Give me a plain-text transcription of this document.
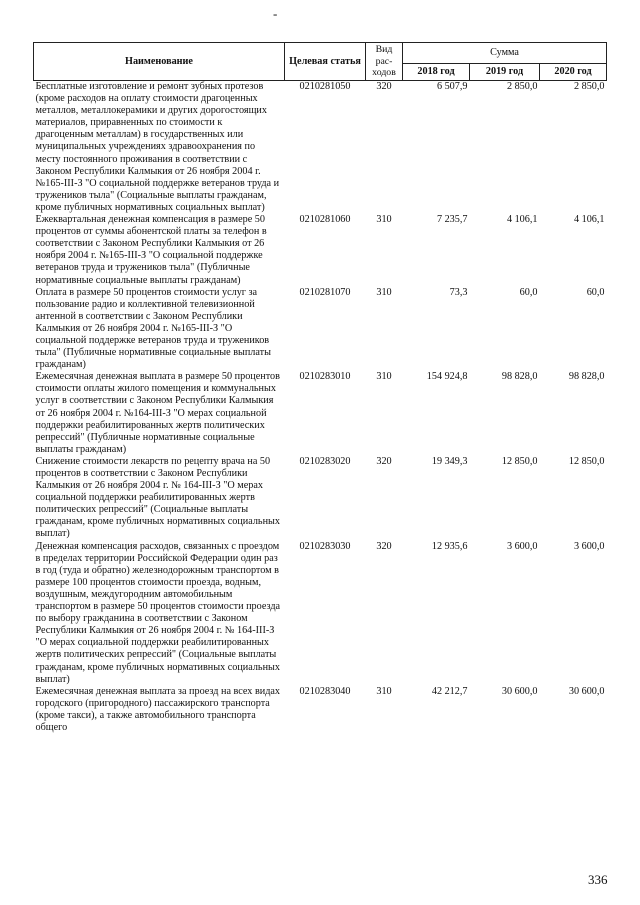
-
Наименование	Целевая статья	Вид рас-ходов	Сумма		
			2018 год	2019 год	2020 год
Бесплатные изготовление и ремонт зубных протезов (кроме расходов на оплату стоимости драгоценных металлов, металлокерамики и других дорогостоящих материалов, приравненных по стоимости к драгоценным металлам) в государственных или муниципальных учреждениях здравоохранения по месту постоянного проживания в соответствии с Законом Республики Калмыкия от 26 ноября 2004 г. №165-III-З "О социальной поддержке ветеранов труда и тружеников тыла" (Социальные выплаты гражданам, кроме публичных нормативных социальных выплат)	0210281050	320	6 507,9	2 850,0	2 850,0
Ежеквартальная денежная компенсация в размере 50 процентов от суммы абонентской платы за телефон в соответствии с Законом Республики Калмыкия от 26 ноября 2004 г. №165-III-З "О социальной поддержке ветеранов труда и тружеников тыла" (Публичные нормативные социальные выплаты гражданам)	0210281060	310	7 235,7	4 106,1	4 106,1
Оплата в размере 50 процентов стоимости услуг за пользование радио и коллективной телевизионной антенной в соответствии с Законом Республики Калмыкия от 26 ноября 2004 г. №165-III-З "О социальной поддержке ветеранов труда и тружеников тыла" (Публичные нормативные социальные выплаты гражданам)	0210281070	310	73,3	60,0	60,0
Ежемесячная денежная выплата в размере 50 процентов стоимости оплаты жилого помещения и коммунальных услуг в соответствии с Законом Республики Калмыкия от 26 ноября 2004 г. №164-III-З "О мерах социальной поддержки реабилитированных жертв политических репрессий" (Публичные нормативные социальные выплаты гражданам)	0210283010	310	154 924,8	98 828,0	98 828,0
Снижение стоимости лекарств по рецепту врача на 50 процентов в соответствии с Законом Республики Калмыкия от 26 ноября 2004 г. № 164-III-З "О мерах социальной поддержки реабилитированных жертв политических репрессий" (Социальные выплаты гражданам, кроме публичных нормативных социальных выплат)	0210283020	320	19 349,3	12 850,0	12 850,0
Денежная компенсация расходов, связанных с проездом в пределах территории Российской Федерации один раз в год (туда и обратно) железнодорожным транспортом в размере 100 процентов стоимости проезда, водным, воздушным, междугородним автомобильным транспортом в размере 50 процентов стоимости проезда по выбору гражданина в соответствии с Законом Республики Калмыкия от 26 ноября 2004 г. № 164-III-З "О мерах социальной поддержки реабилитированных жертв политических репрессий" (Социальные выплаты гражданам, кроме публичных нормативных социальных выплат)	0210283030	320	12 935,6	3 600,0	3 600,0
Ежемесячная денежная выплата за проезд на всех видах городского (пригородного) пассажирского транспорта (кроме такси), а также автомобильного транспорта общего	0210283040	310	42 212,7	30 600,0	30 600,0
336
